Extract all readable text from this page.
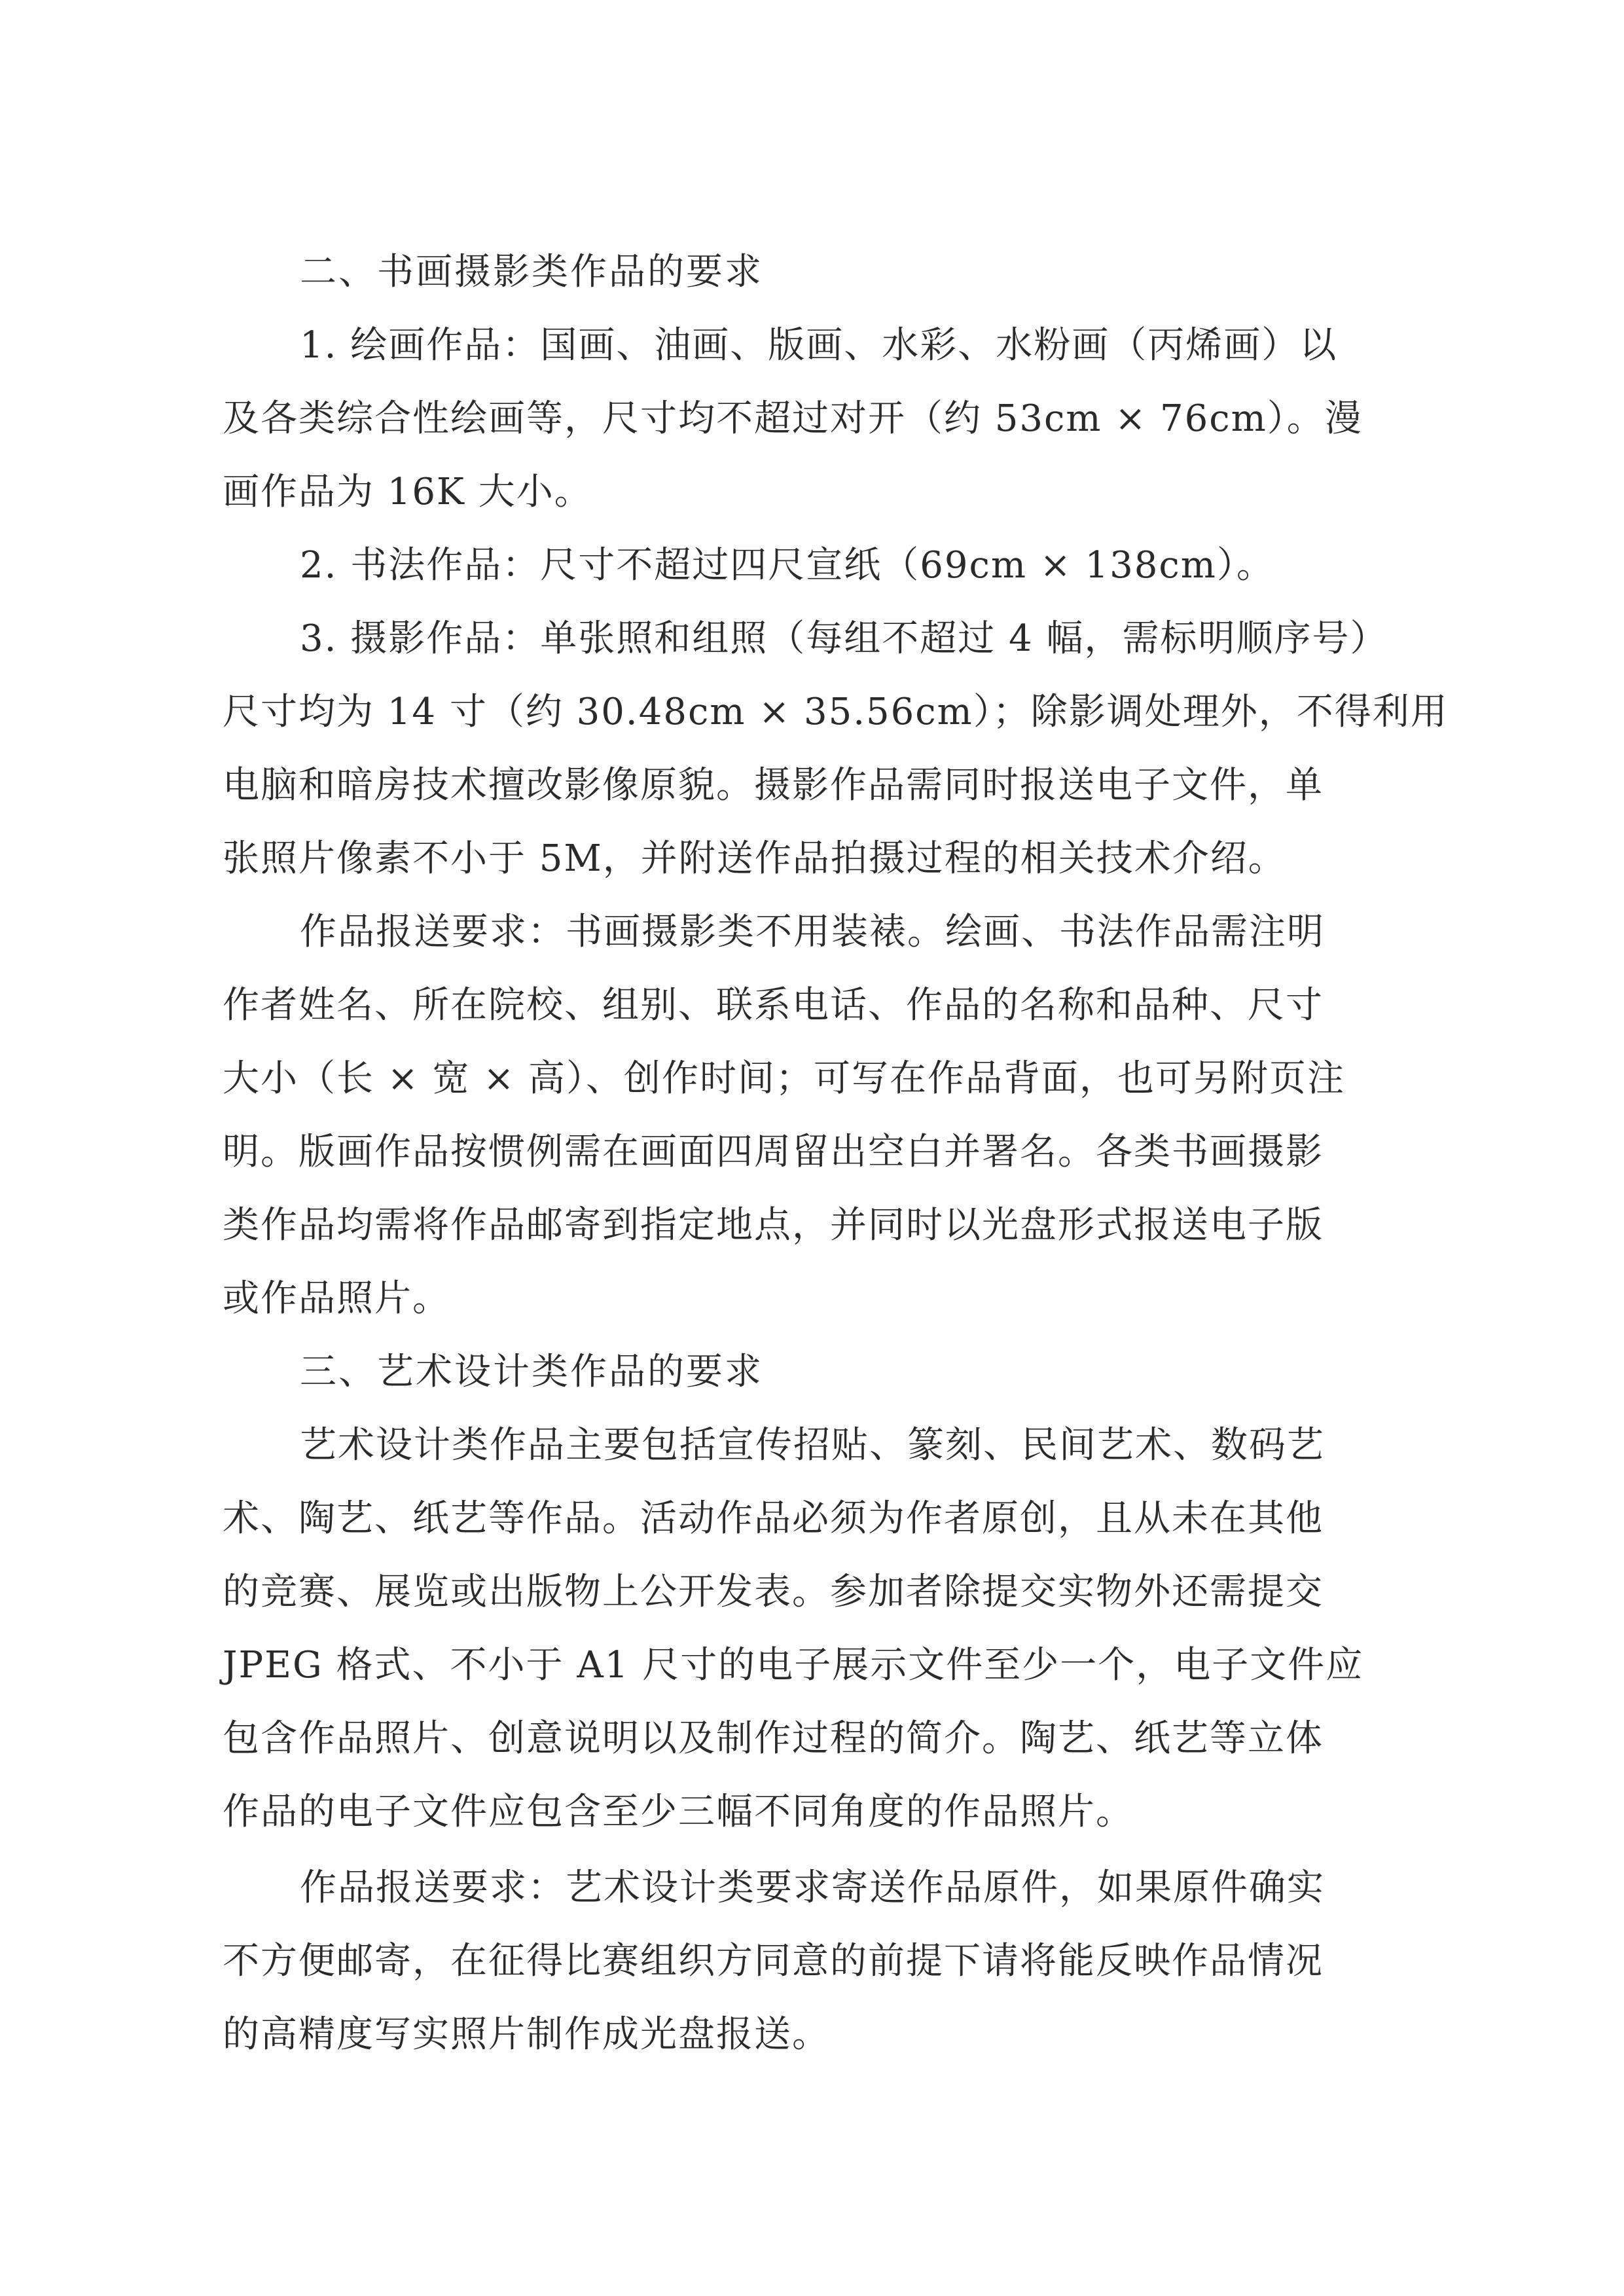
二、书画摄影类作品的要求
1. 绘画作品：国画、油画、版画、水彩、水粉画（丙烯画）以
及各类综合性绘画等，尺寸均不超过对开（约 53cm × 76cm）。漫
画作品为 16K 大小。
2. 书法作品：尺寸不超过四尺宣纸（69cm × 138cm）。
3. 摄影作品：单张照和组照（每组不超过 4 幅，需标明顺序号）
尺寸均为 14 寸（约 30.48cm × 35.56cm）；除影调处理外，不得利用
电脑和暗房技术擅改影像原貌。摄影作品需同时报送电子文件，单
张照片像素不小于 5M，并附送作品拍摄过程的相关技术介绍。
作品报送要求：书画摄影类不用装裱。绘画、书法作品需注明
作者姓名、所在院校、组别、联系电话、作品的名称和品种、尺寸
大小（长 × 宽 × 高）、创作时间；可写在作品背面，也可另附页注
明。版画作品按惯例需在画面四周留出空白并署名。各类书画摄影
类作品均需将作品邮寄到指定地点，并同时以光盘形式报送电子版
或作品照片。
三、艺术设计类作品的要求
艺术设计类作品主要包括宣传招贴、篆刻、民间艺术、数码艺
术、陶艺、纸艺等作品。活动作品必须为作者原创，且从未在其他
的竞赛、展览或出版物上公开发表。参加者除提交实物外还需提交
JPEG 格式、不小于 A1 尺寸的电子展示文件至少一个，电子文件应
包含作品照片、创意说明以及制作过程的简介。陶艺、纸艺等立体
作品的电子文件应包含至少三幅不同角度的作品照片。
作品报送要求：艺术设计类要求寄送作品原件，如果原件确实
不方便邮寄，在征得比赛组织方同意的前提下请将能反映作品情况
的高精度写实照片制作成光盘报送。
